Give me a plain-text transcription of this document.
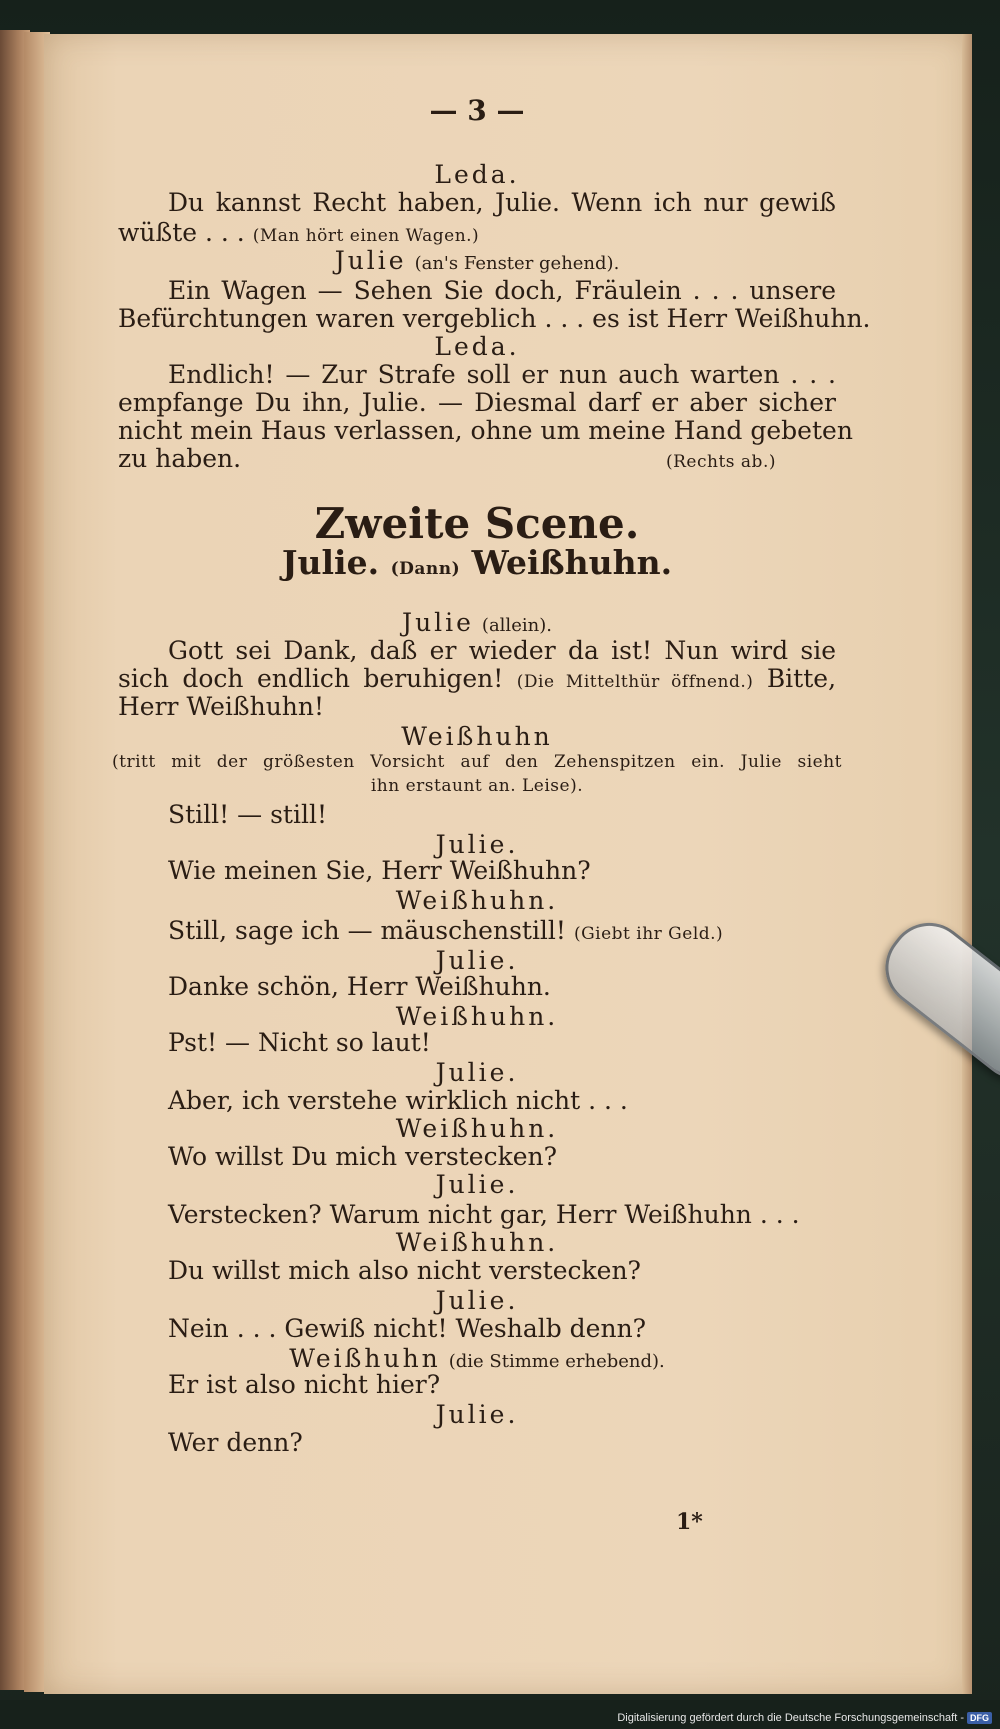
— 3 —
Leda.
Du kannst Recht haben, Julie. Wenn ich nur gewiß
wüßte . . . (Man hört einen Wagen.)
Julie (an's Fenster gehend).
Ein Wagen — Sehen Sie doch, Fräulein . . . unsere
Befürchtungen waren vergeblich . . . es ist Herr Weißhuhn.
Leda.
Endlich! — Zur Strafe soll er nun auch warten . . .
empfange Du ihn, Julie. — Diesmal darf er aber sicher
nicht mein Haus verlassen, ohne um meine Hand gebeten
zu haben.	(Rechts ab.)
Zweite Scene.
Julie. (Dann) Weißhuhn.
Julie (allein).
Gott sei Dank, daß er wieder da ist! Nun wird sie
sich doch endlich beruhigen! (Die Mittelthür öffnend.) Bitte,
Herr Weißhuhn!
Weißhuhn
(tritt mit der größesten Vorsicht auf den Zehenspitzen ein. Julie sieht
ihn erstaunt an. Leise).
Still! — still!
Julie.
Wie meinen Sie, Herr Weißhuhn?
Weißhuhn.
Still, sage ich — mäuschenstill! (Giebt ihr Geld.)
Julie.
Danke schön, Herr Weißhuhn.
Weißhuhn.
Pst! — Nicht so laut!
Julie.
Aber, ich verstehe wirklich nicht . . .
Weißhuhn.
Wo willst Du mich verstecken?
Julie.
Verstecken? Warum nicht gar, Herr Weißhuhn . . .
Weißhuhn.
Du willst mich also nicht verstecken?
Julie.
Nein . . . Gewiß nicht! Weshalb denn?
Weißhuhn (die Stimme erhebend).
Er ist also nicht hier?
Julie.
Wer denn?
1*
Digitalisierung gefördert durch die Deutsche Forschungsgemeinschaft - DFG
